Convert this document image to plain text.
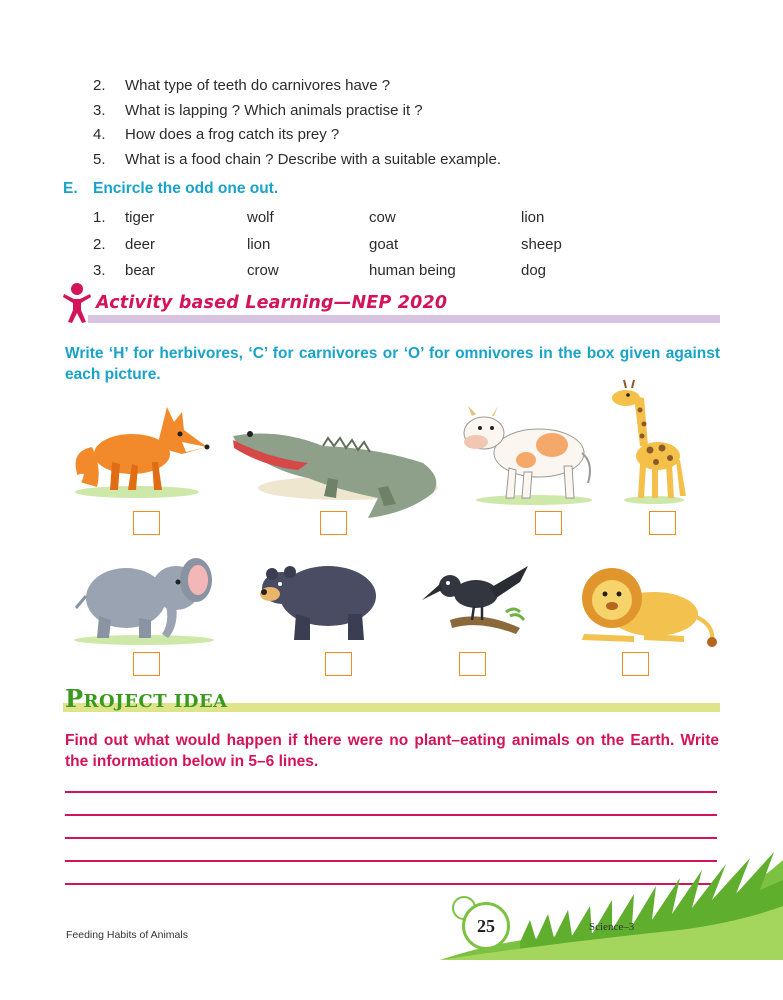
2.	What type of teeth do carnivores have ?
3.	What is lapping ? Which animals practise it ?
4.	How does a frog catch its prey ?
5.	What is a food chain ? Describe with a suitable example.
E. Encircle the odd one out.
1.	tiger	wolf	cow	lion
2.	deer	lion	goat	sheep
3.	bear	crow	human being	dog
Activity based Learning—NEP 2020
Write ‘H’ for herbivores, ‘C’ for carnivores or ‘O’ for omnivores in the box given against each picture.
PROJECT IDEA
Find out what would happen if there were no plant–eating animals on the Earth. Write the information below in 5–6 lines.
25	Science–3
Feeding Habits of Animals
